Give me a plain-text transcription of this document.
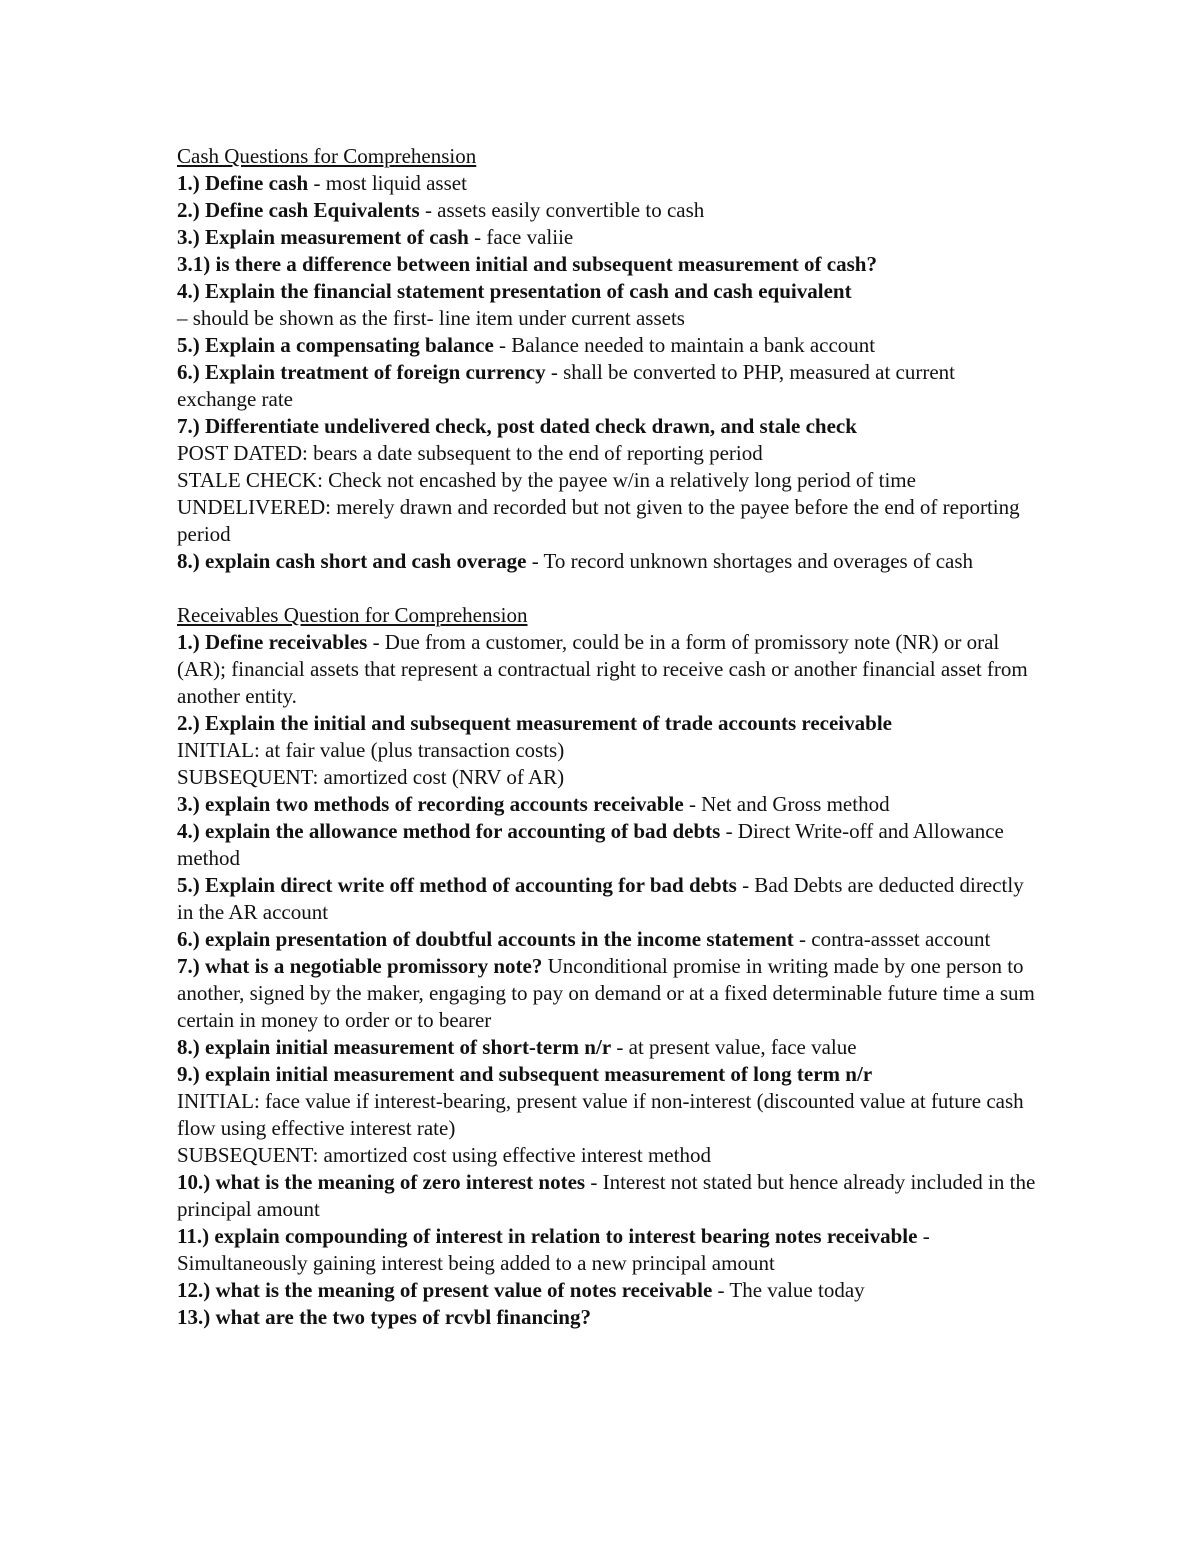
Cash Questions for Comprehension

1.) Define cash - most liquid asset

2.) Define cash Equivalents - assets easily convertible to cash

3.) Explain measurement of cash - face valiie

3.1) is there a difference between initial and subsequent measurement of cash?

4.) Explain the financial statement presentation of cash and cash equivalent

– should be shown as the first- line item under current assets

5.) Explain a compensating balance - Balance needed to maintain a bank account

6.) Explain treatment of foreign currency - shall be converted to PHP, measured at current exchange rate

7.) Differentiate undelivered check, post dated check drawn, and stale check

POST DATED: bears a date subsequent to the end of reporting period

STALE CHECK: Check not encashed by the payee w/in a relatively long period of time

UNDELIVERED: merely drawn and recorded but not given to the payee before the end of reporting period

8.) explain cash short and cash overage - To record unknown shortages and overages of cash

Receivables Question for Comprehension

1.) Define receivables - Due from a customer, could be in a form of promissory note (NR) or oral (AR); financial assets that represent a contractual right to receive cash or another financial asset from another entity.

2.) Explain the initial and subsequent measurement of trade accounts receivable

INITIAL: at fair value (plus transaction costs)

SUBSEQUENT: amortized cost (NRV of AR)

3.) explain two methods of recording accounts receivable - Net and Gross method

4.) explain the allowance method for accounting of bad debts - Direct Write-off and Allowance method

5.) Explain direct write off method of accounting for bad debts - Bad Debts are deducted directly in the AR account

6.) explain presentation of doubtful accounts in the income statement - contra-assset account

7.) what is a negotiable promissory note? Unconditional promise in writing made by one person to another, signed by the maker, engaging to pay on demand or at a fixed determinable future time a sum certain in money to order or to bearer

8.) explain initial measurement of short-term n/r - at present value, face value

9.) explain initial measurement and subsequent measurement of long term n/r

INITIAL: face value if interest-bearing, present value if non-interest (discounted value at future cash flow using effective interest rate)

SUBSEQUENT: amortized cost using effective interest method

10.) what is the meaning of zero interest notes - Interest not stated but hence already included in the principal amount

11.) explain compounding of interest in relation to interest bearing notes receivable - Simultaneously gaining interest being added to a new principal amount

12.) what is the meaning of present value of notes receivable - The value today

13.) what are the two types of rcvbl financing?
